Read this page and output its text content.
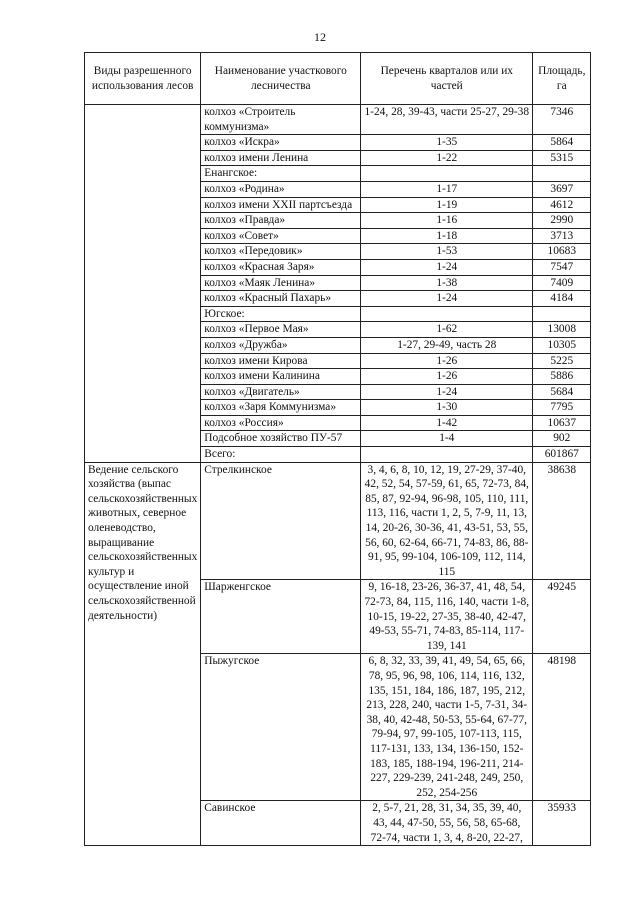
12
Виды разрешенного использования лесов	Наименование участкового лесничества	Перечень кварталов или их частей	Площадь, га
	колхоз «Строитель коммунизма»	1-24, 28, 39-43, части 25-27, 29-38	7346
	колхоз «Искра»	1-35	5864
	колхоз имени Ленина	1-22	5315
	Енангское:		
	колхоз «Родина»	1-17	3697
	колхоз имени XXII партсъезда	1-19	4612
	колхоз «Правда»	1-16	2990
	колхоз «Совет»	1-18	3713
	колхоз «Передовик»	1-53	10683
	колхоз «Красная Заря»	1-24	7547
	колхоз «Маяк Ленина»	1-38	7409
	колхоз «Красный Пахарь»	1-24	4184
	Югское:		
	колхоз «Первое Мая»	1-62	13008
	колхоз «Дружба»	1-27, 29-49, часть 28	10305
	колхоз имени Кирова	1-26	5225
	колхоз имени Калинина	1-26	5886
	колхоз «Двигатель»	1-24	5684
	колхоз «Заря Коммунизма»	1-30	7795
	колхоз «Россия»	1-42	10637
	Подсобное хозяйство ПУ-57	1-4	902
	Всего:		601867
Ведение сельского хозяйства (выпас сельскохозяйственных животных, северное оленеводство, выращивание сельскохозяйственных культур и осуществление иной сельскохозяйственной деятельности)	Стрелкинское	3, 4, 6, 8, 10, 12, 19, 27-29, 37-40, 42, 52, 54, 57-59, 61, 65, 72-73, 84, 85, 87, 92-94, 96-98, 105, 110, 111, 113, 116, части 1, 2, 5, 7-9, 11, 13, 14, 20-26, 30-36, 41, 43-51, 53, 55, 56, 60, 62-64, 66-71, 74-83, 86, 88-91, 95, 99-104, 106-109, 112, 114, 115	38638
	Шарженгское	9, 16-18, 23-26, 36-37, 41, 48, 54, 72-73, 84, 115, 116, 140, части 1-8, 10-15, 19-22, 27-35, 38-40, 42-47, 49-53, 55-71, 74-83, 85-114, 117-139, 141	49245
	Пыжугское	6, 8, 32, 33, 39, 41, 49, 54, 65, 66, 78, 95, 96, 98, 106, 114, 116, 132, 135, 151, 184, 186, 187, 195, 212, 213, 228, 240, части 1-5, 7-31, 34-38, 40, 42-48, 50-53, 55-64, 67-77, 79-94, 97, 99-105, 107-113, 115, 117-131, 133, 134, 136-150, 152-183, 185, 188-194, 196-211, 214-227, 229-239, 241-248, 249, 250, 252, 254-256	48198
	Савинское	2, 5-7, 21, 28, 31, 34, 35, 39, 40, 43, 44, 47-50, 55, 56, 58, 65-68, 72-74, части 1, 3, 4, 8-20, 22-27,	35933
